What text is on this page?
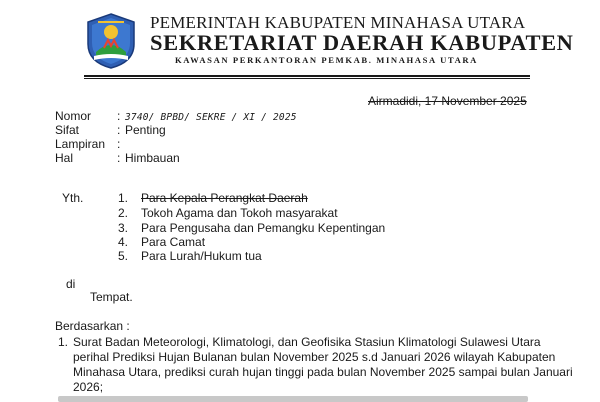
PEMERINTAH KABUPATEN MINAHASA UTARA
SEKRETARIAT DAERAH KABUPATEN
KAWASAN PERKANTORAN PEMKAB. MINAHASA UTARA
Airmadidi, 17 November 2025
Nomor : 3740/ BPBD/ SEKRE / XI / 2025
Sifat	: Penting
Lampiran :
Hal	: Himbauan
Yth.	1. Para Kepala Perangkat Daerah
2. Tokoh Agama dan Tokoh masyarakat
3. Para Pengusaha dan Pemangku Kepentingan
4. Para Camat
5. Para Lurah/Hukum tua
di
Tempat.
Berdasarkan :
1. Surat Badan Meteorologi, Klimatologi, dan Geofisika Stasiun Klimatologi Sulawesi Utara
perihal Prediksi Hujan Bulanan bulan November 2025 s.d Januari 2026 wilayah Kabupaten
Minahasa Utara, prediksi curah hujan tinggi pada bulan November 2025 sampai bulan Januari
2026;
